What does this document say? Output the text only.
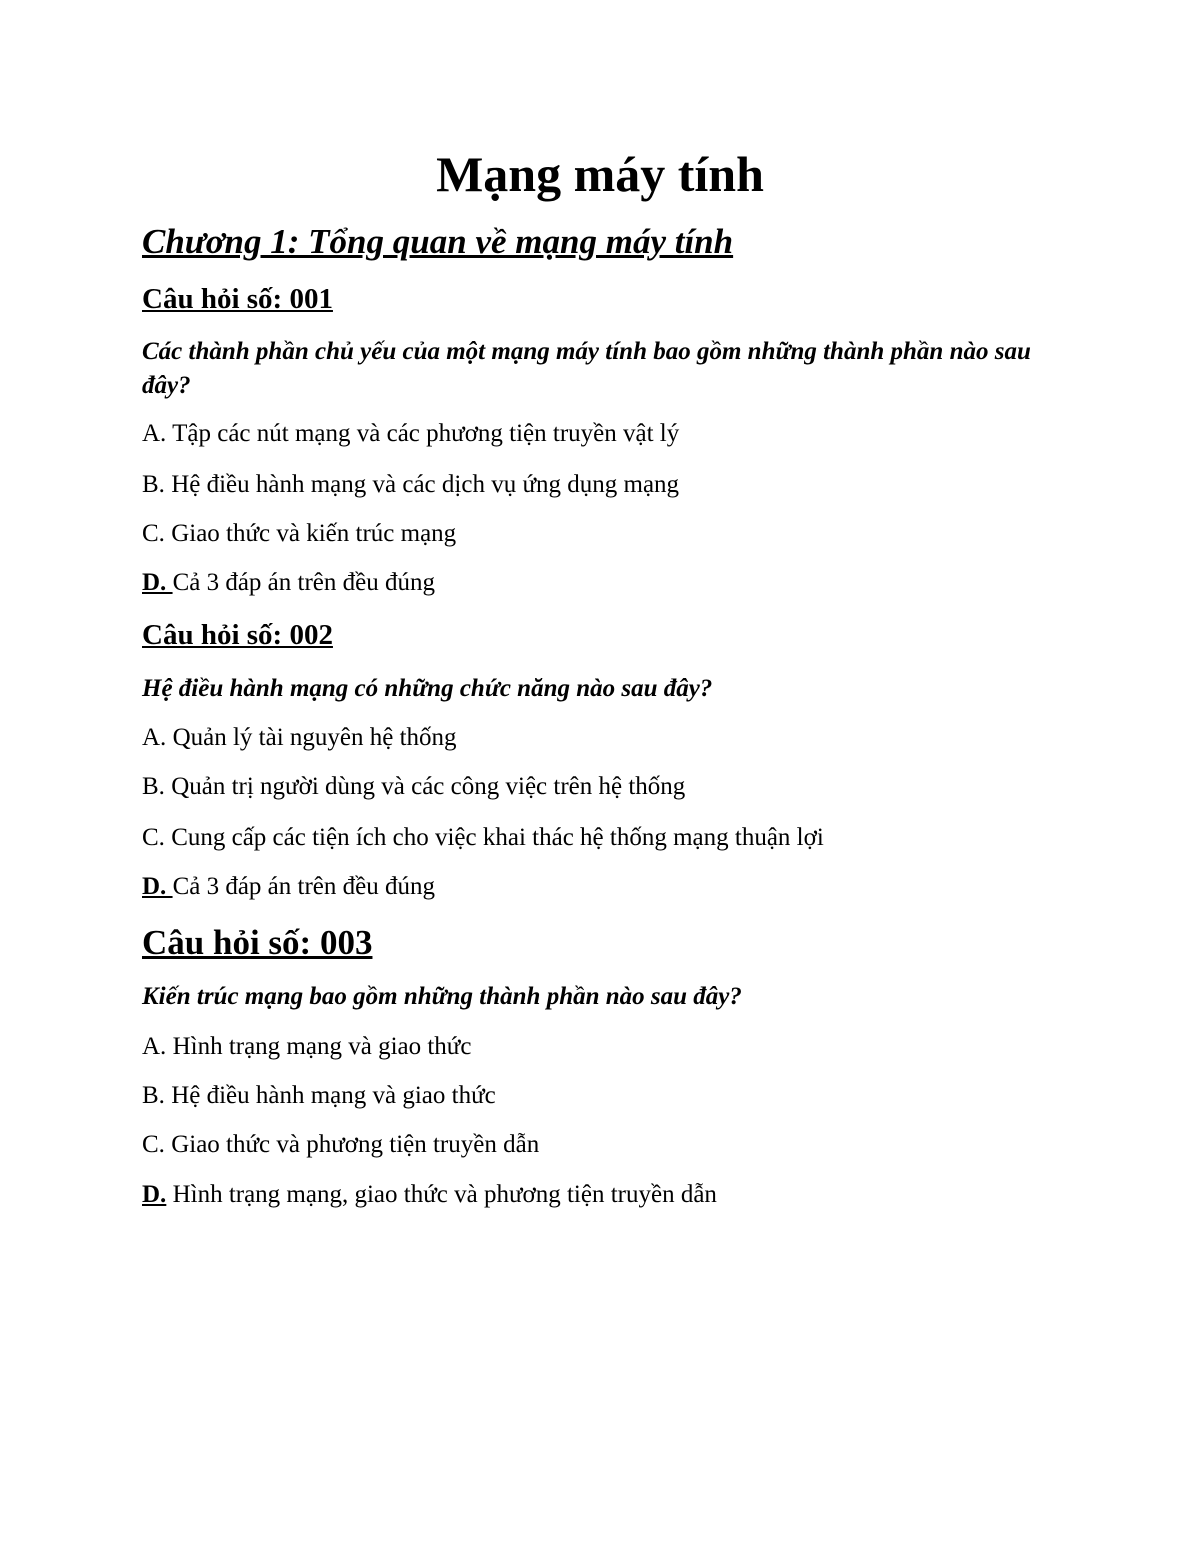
Mạng máy tính
Chương 1: Tổng quan về mạng máy tính
Câu hỏi số: 001

Các thành phần chủ yếu của một mạng máy tính bao gồm những thành phần nào sau đây?

A. Tập các nút mạng và các phương tiện truyền vật lý

B. Hệ điều hành mạng và các dịch vụ ứng dụng mạng

C. Giao thức và kiến trúc mạng

D. Cả 3 đáp án trên đều đúng

Câu hỏi số: 002

Hệ điều hành mạng có những chức năng nào sau đây?

A. Quản lý tài nguyên hệ thống

B. Quản trị người dùng và các công việc trên hệ thống

C. Cung cấp các tiện ích cho việc khai thác hệ thống mạng thuận lợi

D. Cả 3 đáp án trên đều đúng

Câu hỏi số: 003

Kiến trúc mạng bao gồm những thành phần nào sau đây?

A. Hình trạng mạng và giao thức

B. Hệ điều hành mạng và giao thức

C. Giao thức và phương tiện truyền dẫn

D. Hình trạng mạng, giao thức và phương tiện truyền dẫn
